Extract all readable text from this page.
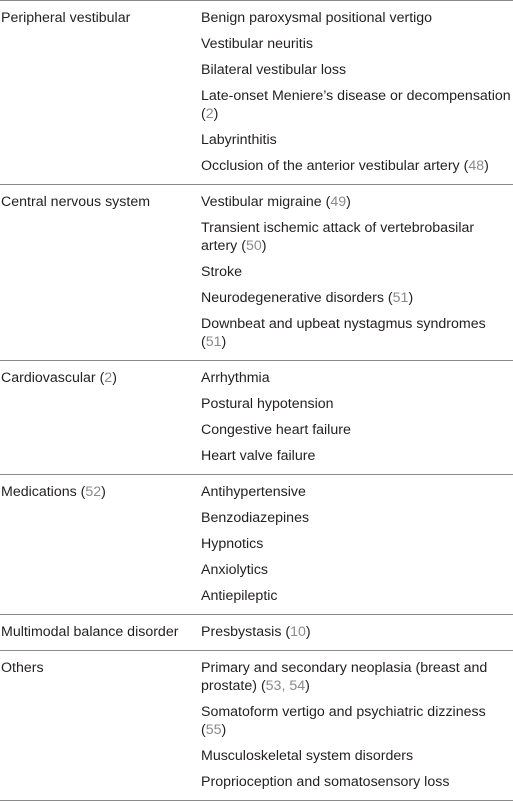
Peripheral vestibular	Benign paroxysmal positional vertigo
Vestibular neuritis
Bilateral vestibular loss
Late-onset Meniere’s disease or decompensation (2)
Labyrinthitis
Occlusion of the anterior vestibular artery (48)
Central nervous system	Vestibular migraine (49)
Transient ischemic attack of vertebrobasilar artery (50)
Stroke
Neurodegenerative disorders (51)
Downbeat and upbeat nystagmus syndromes (51)
Cardiovascular (2)	Arrhythmia
Postural hypotension
Congestive heart failure
Heart valve failure
Medications (52)	Antihypertensive
Benzodiazepines
Hypnotics
Anxiolytics
Antiepileptic
Multimodal balance disorder	Presbystasis (10)
Others	Primary and secondary neoplasia (breast and prostate) (53, 54)
Somatoform vertigo and psychiatric dizziness (55)
Musculoskeletal system disorders
Proprioception and somatosensory loss
